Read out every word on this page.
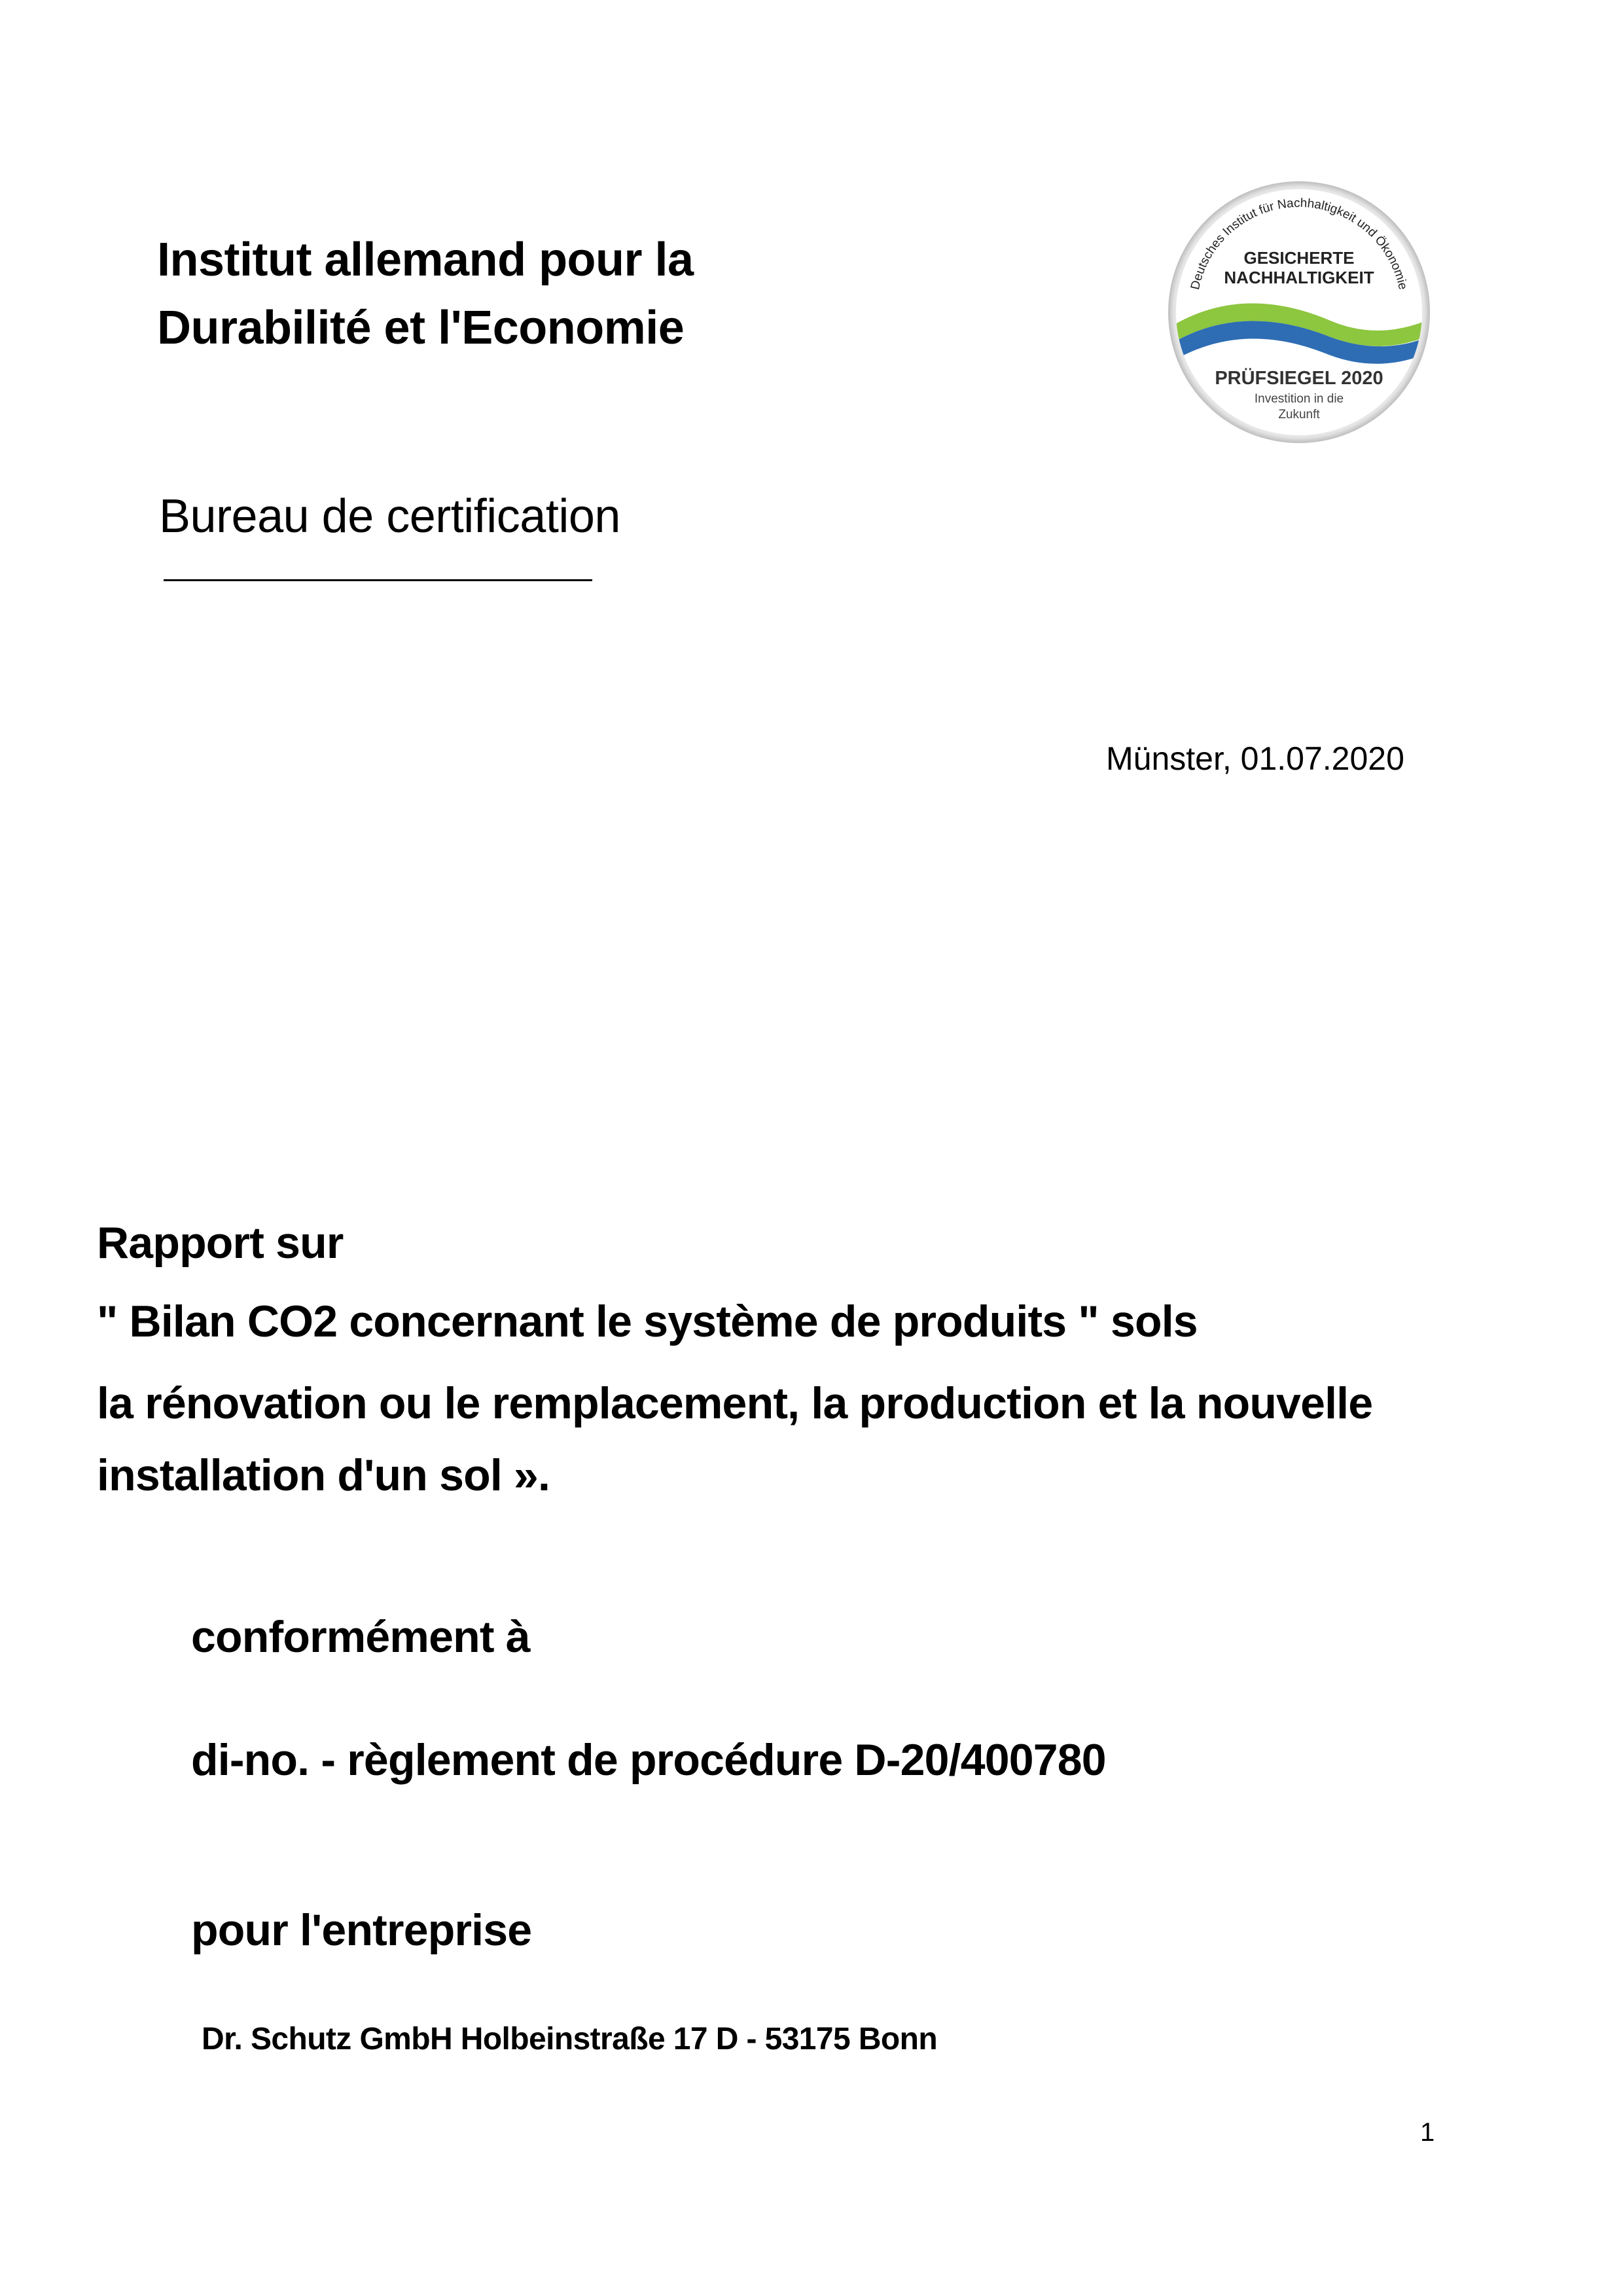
Institut allemand pour la
Durabilité et l'Economie
Bureau de certification
Deutsches Institut für Nachhaltigkeit und Ökonomie
GESICHERTE
NACHHALTIGKEIT
PRÜFSIEGEL 2020
Investition in die
Zukunft
Münster, 01.07.2020
Rapport sur
" Bilan CO2 concernant le système de produits " sols
la rénovation ou le remplacement, la production et la nouvelle
installation d'un sol ».
conformément à
di-no. - règlement de procédure D-20/400780
pour l'entreprise
Dr. Schutz GmbH Holbeinstraße 17 D - 53175 Bonn
1
